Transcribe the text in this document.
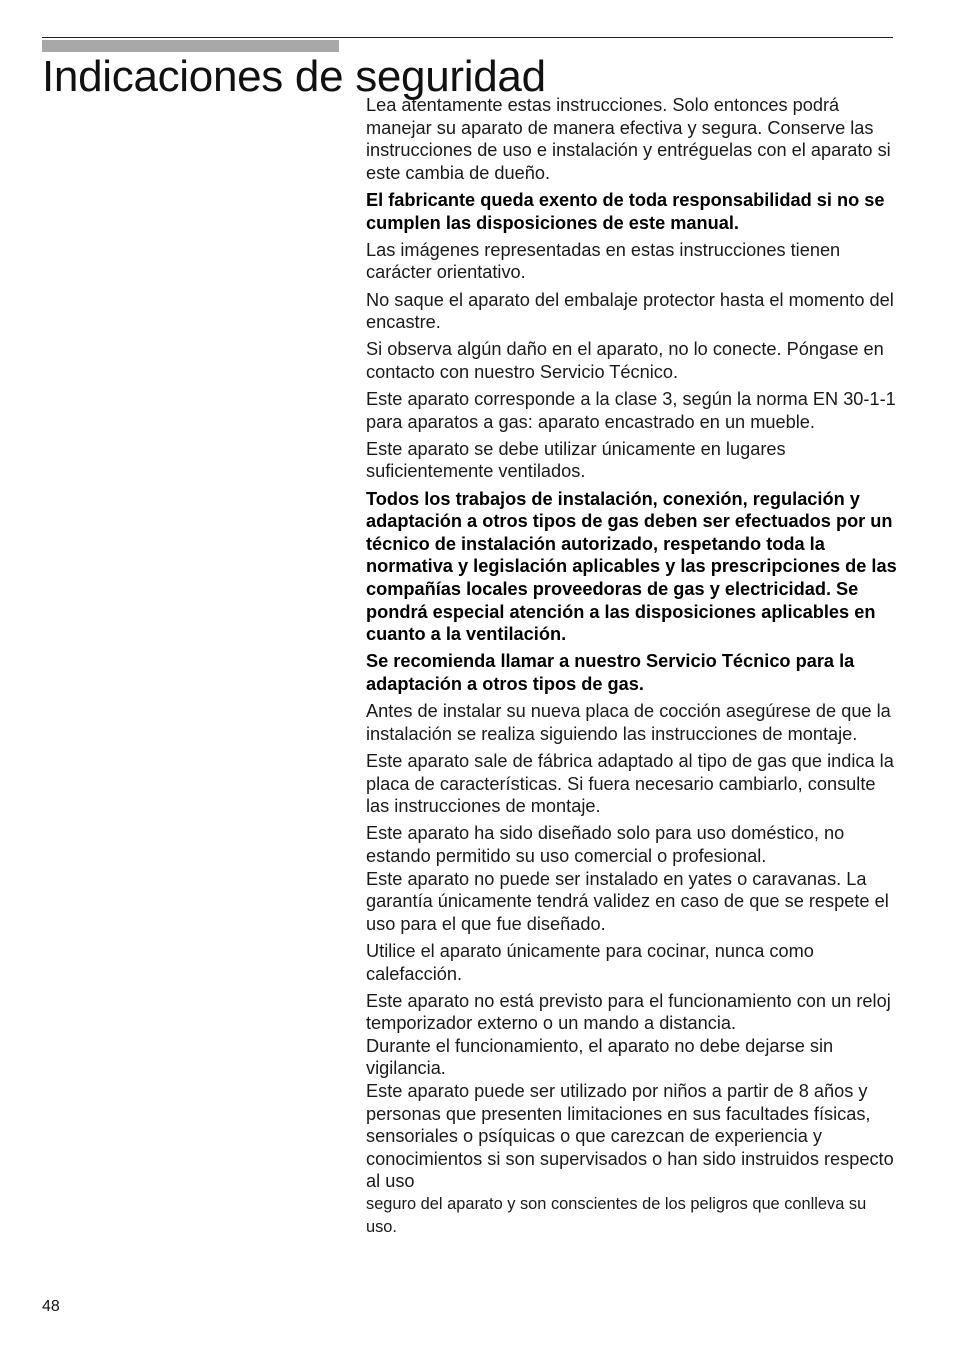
Indicaciones de seguridad

Lea atentamente estas instrucciones. Solo entonces podrá manejar su aparato de manera efectiva y segura. Conserve las instrucciones de uso e instalación y entréguelas con el aparato si este cambia de dueño.

El fabricante queda exento de toda responsabilidad si no se cumplen las disposiciones de este manual.

Las imágenes representadas en estas instrucciones tienen carácter orientativo.

No saque el aparato del embalaje protector hasta el momento del encastre.

Si observa algún daño en el aparato, no lo conecte. Póngase en contacto con nuestro Servicio Técnico.

Este aparato corresponde a la clase 3, según la norma EN 30-1-1 para aparatos a gas: aparato encastrado en un mueble.

Este aparato se debe utilizar únicamente en lugares suficientemente ventilados.

Todos los trabajos de instalación, conexión, regulación y adaptación a otros tipos de gas deben ser efectuados por un técnico de instalación autorizado, respetando toda la normativa y legislación aplicables y las prescripciones de las compañías locales proveedoras de gas y electricidad. Se pondrá especial atención a las disposiciones aplicables en cuanto a la ventilación.

Se recomienda llamar a nuestro Servicio Técnico para la adaptación a otros tipos de gas.

Antes de instalar su nueva placa de cocción asegúrese de que la instalación se realiza siguiendo las instrucciones de montaje.

Este aparato sale de fábrica adaptado al tipo de gas que indica la placa de características. Si fuera necesario cambiarlo, consulte las instrucciones de montaje.

Este aparato ha sido diseñado solo para uso doméstico, no estando permitido su uso comercial o profesional.

Este aparato no puede ser instalado en yates o caravanas. La garantía únicamente tendrá validez en caso de que se respete el uso para el que fue diseñado.

Utilice el aparato únicamente para cocinar, nunca como calefacción.

Este aparato no está previsto para el funcionamiento con un reloj temporizador externo o un mando a distancia.

Durante el funcionamiento, el aparato no debe dejarse sin vigilancia.

Este aparato puede ser utilizado por niños a partir de 8 años y personas que presenten limitaciones en sus facultades físicas, sensoriales o psíquicas o que carezcan de experiencia y conocimientos si son supervisados o han sido instruidos respecto al uso

seguro del aparato y son conscientes de los peligros que conlleva su uso.

48
